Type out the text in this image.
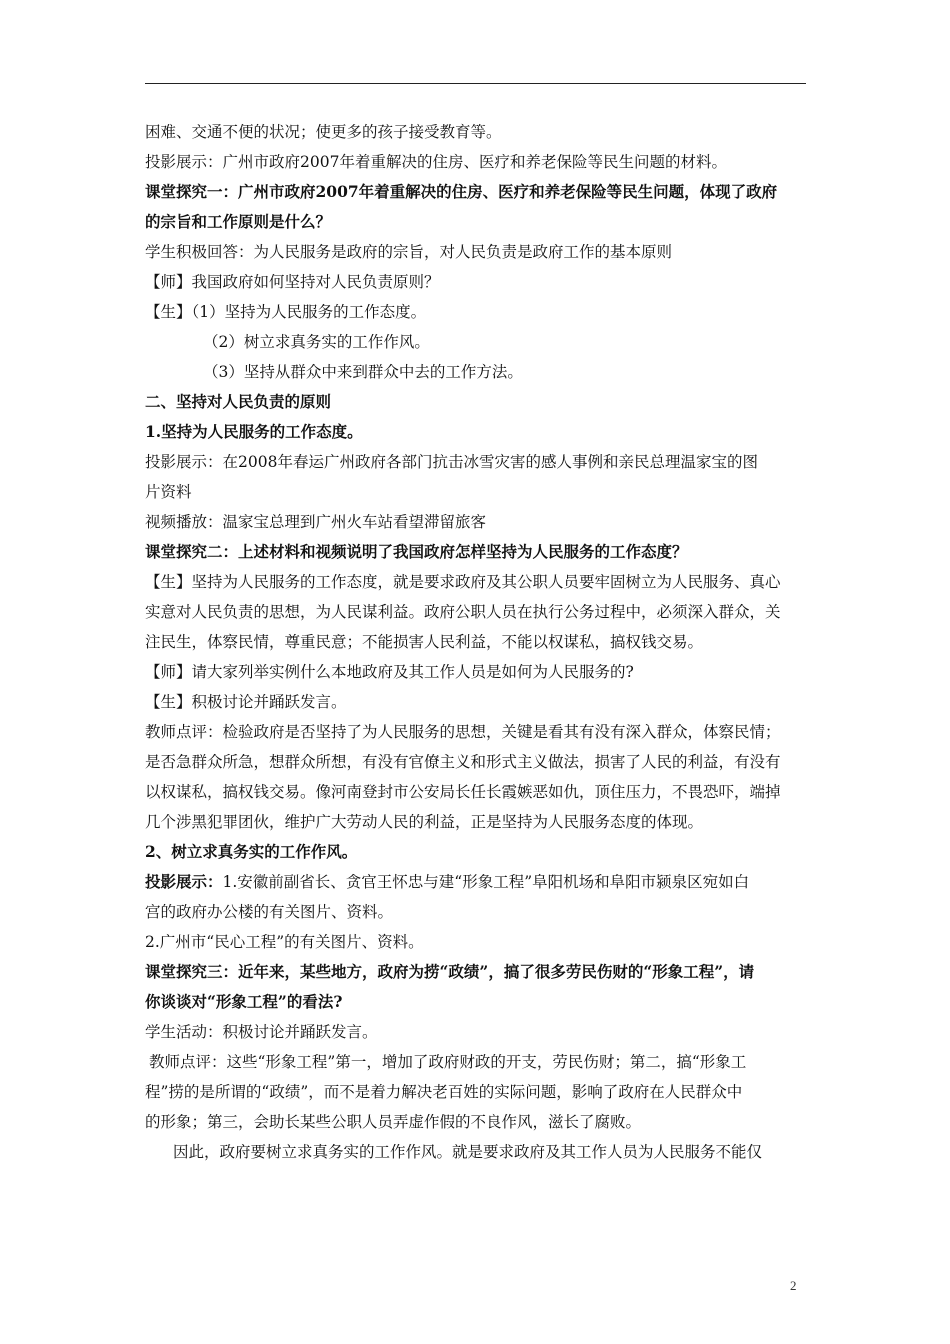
困难、交通不便的状况；使更多的孩子接受教育等。
投影展示：广州市政府2007年着重解决的住房、医疗和养老保险等民生问题的材料。
课堂探究一：广州市政府2007年着重解决的住房、医疗和养老保险等民生问题，体现了政府
的宗旨和工作原则是什么？
学生积极回答：为人民服务是政府的宗旨，对人民负责是政府工作的基本原则
【师】我国政府如何坚持对人民负责原则？
【生】（1）坚持为人民服务的工作态度。
（2）树立求真务实的工作作风。
（3）坚持从群众中来到群众中去的工作方法。
二、坚持对人民负责的原则
1.坚持为人民服务的工作态度。
投影展示：在2008年春运广州政府各部门抗击冰雪灾害的感人事例和亲民总理温家宝的图
片资料
视频播放：温家宝总理到广州火车站看望滞留旅客
课堂探究二：上述材料和视频说明了我国政府怎样坚持为人民服务的工作态度？
【生】坚持为人民服务的工作态度，就是要求政府及其公职人员要牢固树立为人民服务、真心
实意对人民负责的思想，为人民谋利益。政府公职人员在执行公务过程中，必须深入群众，关
注民生，体察民情，尊重民意；不能损害人民利益，不能以权谋私，搞权钱交易。
【师】请大家列举实例什么本地政府及其工作人员是如何为人民服务的?
【生】积极讨论并踊跃发言。
教师点评：检验政府是否坚持了为人民服务的思想，关键是看其有没有深入群众，体察民情；
是否急群众所急，想群众所想，有没有官僚主义和形式主义做法，损害了人民的利益，有没有
以权谋私，搞权钱交易。像河南登封市公安局长任长霞嫉恶如仇，顶住压力，不畏恐吓，端掉
几个涉黑犯罪团伙，维护广大劳动人民的利益，正是坚持为人民服务态度的体现。
2、树立求真务实的工作作风。
投影展示：1.安徽前副省长、贪官王怀忠与建“形象工程”阜阳机场和阜阳市颍泉区宛如白
宫的政府办公楼的有关图片、资料。
2.广州市“民心工程”的有关图片、资料。
课堂探究三：近年来，某些地方，政府为捞“政绩”，搞了很多劳民伤财的“形象工程”，请
你谈谈对“形象工程”的看法?
学生活动：积极讨论并踊跃发言。
教师点评：这些“形象工程”第一，增加了政府财政的开支，劳民伤财；第二，搞“形象工
程”捞的是所谓的“政绩”，而不是着力解决老百姓的实际问题，影响了政府在人民群众中
的形象；第三，会助长某些公职人员弄虚作假的不良作风，滋长了腐败。
因此，政府要树立求真务实的工作作风。就是要求政府及其工作人员为人民服务不能仅
2
